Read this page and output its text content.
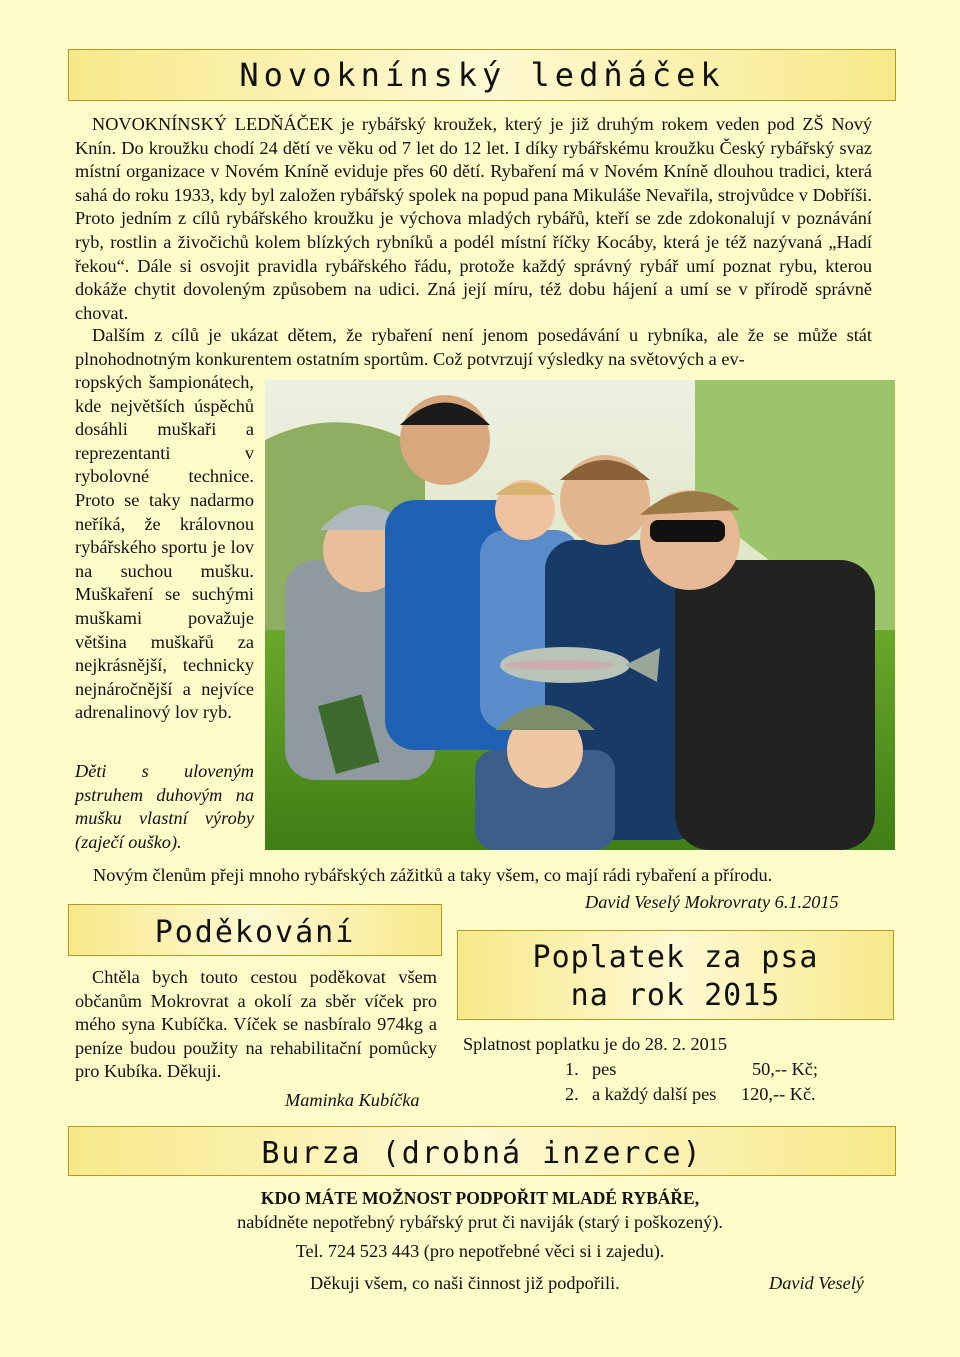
Novoknínský ledňáček
NOVOKNÍNSKÝ LEDŇÁČEK je rybářský kroužek, který je již druhým rokem veden pod ZŠ Nový Knín. Do kroužku chodí 24 dětí ve věku od 7 let do 12 let. I díky rybářskému kroužku Český rybářský svaz místní organizace v Novém Kníně eviduje přes 60 dětí. Rybaření má v Novém Kníně dlouhou tradici, která sahá do roku 1933, kdy byl založen rybářský spolek na popud pana Mikuláše Nevařila, strojvůdce v Dobříši. Proto jedním z cílů rybářského kroužku je výchova mladých rybářů, kteří se zde zdokonalují v poznávání ryb, rostlin a živočichů kolem blízkých rybníků a podél místní říčky Kocáby, která je též nazývaná „Hadí řekou“. Dále si osvojit pravidla rybářského řádu, protože každý správný rybář umí poznat rybu, kterou dokáže chytit dovoleným způsobem na udici. Zná její míru, též dobu hájení a umí se v přírodě správně chovat.
Dalším z cílů je ukázat dětem, že rybaření není jenom posedávání u rybníka, ale že se může stát plnohodnotným konkurentem ostatním sportům. Což potvrzují výsledky na světových a ev-
ropských šampionátech, kde největších úspěchů dosáhli muškaři a reprezentanti v rybolovné technice. Proto se taky nadarmo neříká, že královnou rybářského sportu je lov na suchou mušku. Muškaření se suchými muškami považuje většina muškařů za nejkrásnější, technicky nejnáročnější a nejvíce adrenalinový lov ryb.
Děti s uloveným pstruhem duhovým na mušku vlastní výroby (zaječí ouško).
Novým členům přeji mnoho rybářských zážitků a taky všem, co mají rádi rybaření a přírodu.
David Veselý Mokrovraty 6.1.2015
Poděkování
Chtěla bych touto cestou poděkovat všem občanům Mokrovrat a okolí za sběr víček pro mého syna Kubíčka. Víček se nasbíralo 974kg a peníze budou použity na rehabilitační pomůcky pro Kubíka. Děkuji.
Maminka Kubíčka
Poplatek za psa
na rok 2015
Splatnost poplatku je do 28. 2. 2015
1. pes	50,-- Kč;
2. a každý další pes 120,-- Kč.
Burza (drobná inzerce)
KDO MÁTE MOŽNOST PODPOŘIT MLADÉ RYBÁŘE,
nabídněte nepotřebný rybářský prut či naviják (starý i poškozený).
Tel. 724 523 443 (pro nepotřebné věci si i zajedu).
Děkuji všem, co naši činnost již podpořili.	David Veselý
